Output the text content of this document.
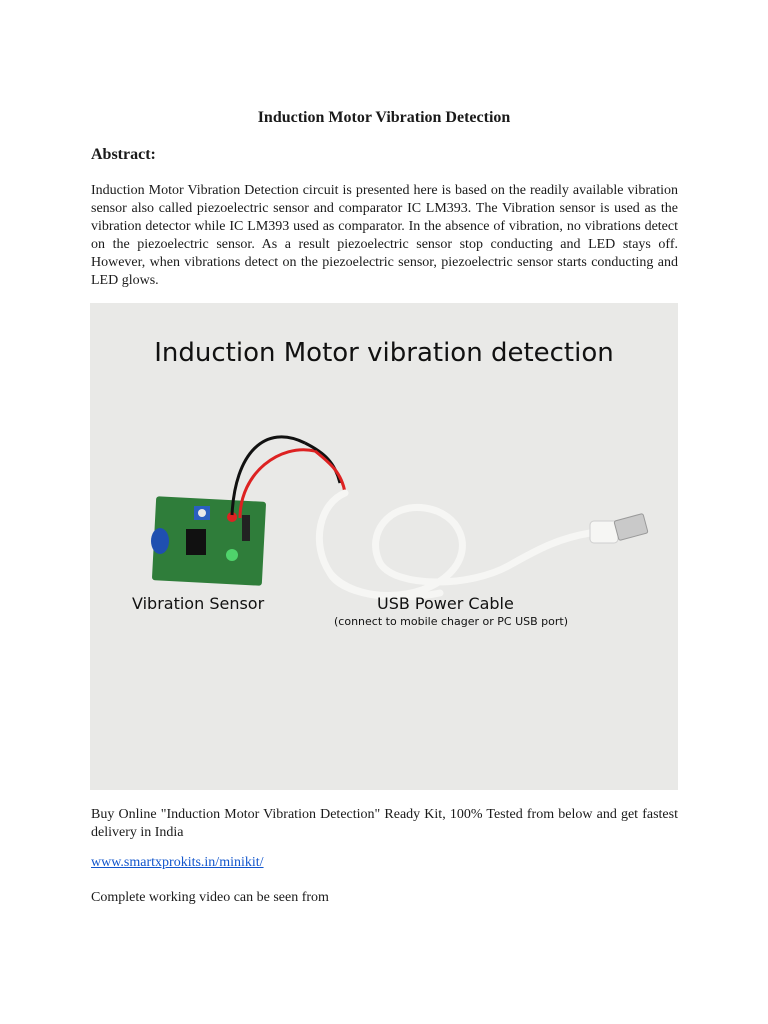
Induction Motor Vibration Detection
Abstract:
Induction Motor Vibration Detection circuit is presented here is based on the readily available vibration sensor also called piezoelectric sensor and comparator IC LM393. The Vibration sensor is used as the vibration detector while IC LM393 used as comparator. In the absence of vibration, no vibrations detect on the piezoelectric sensor. As a result piezoelectric sensor stop conducting and LED stays off. However, when vibrations detect on the piezoelectric sensor, piezoelectric sensor starts conducting and LED glows.
Induction Motor vibration detection
Vibration Sensor	USB Power Cable
(connect to mobile chager or PC USB port)
Buy Online "Induction Motor Vibration Detection" Ready Kit, 100% Tested from below and get fastest delivery in India
www.smartxprokits.in/minikit/
Complete working video can be seen from
